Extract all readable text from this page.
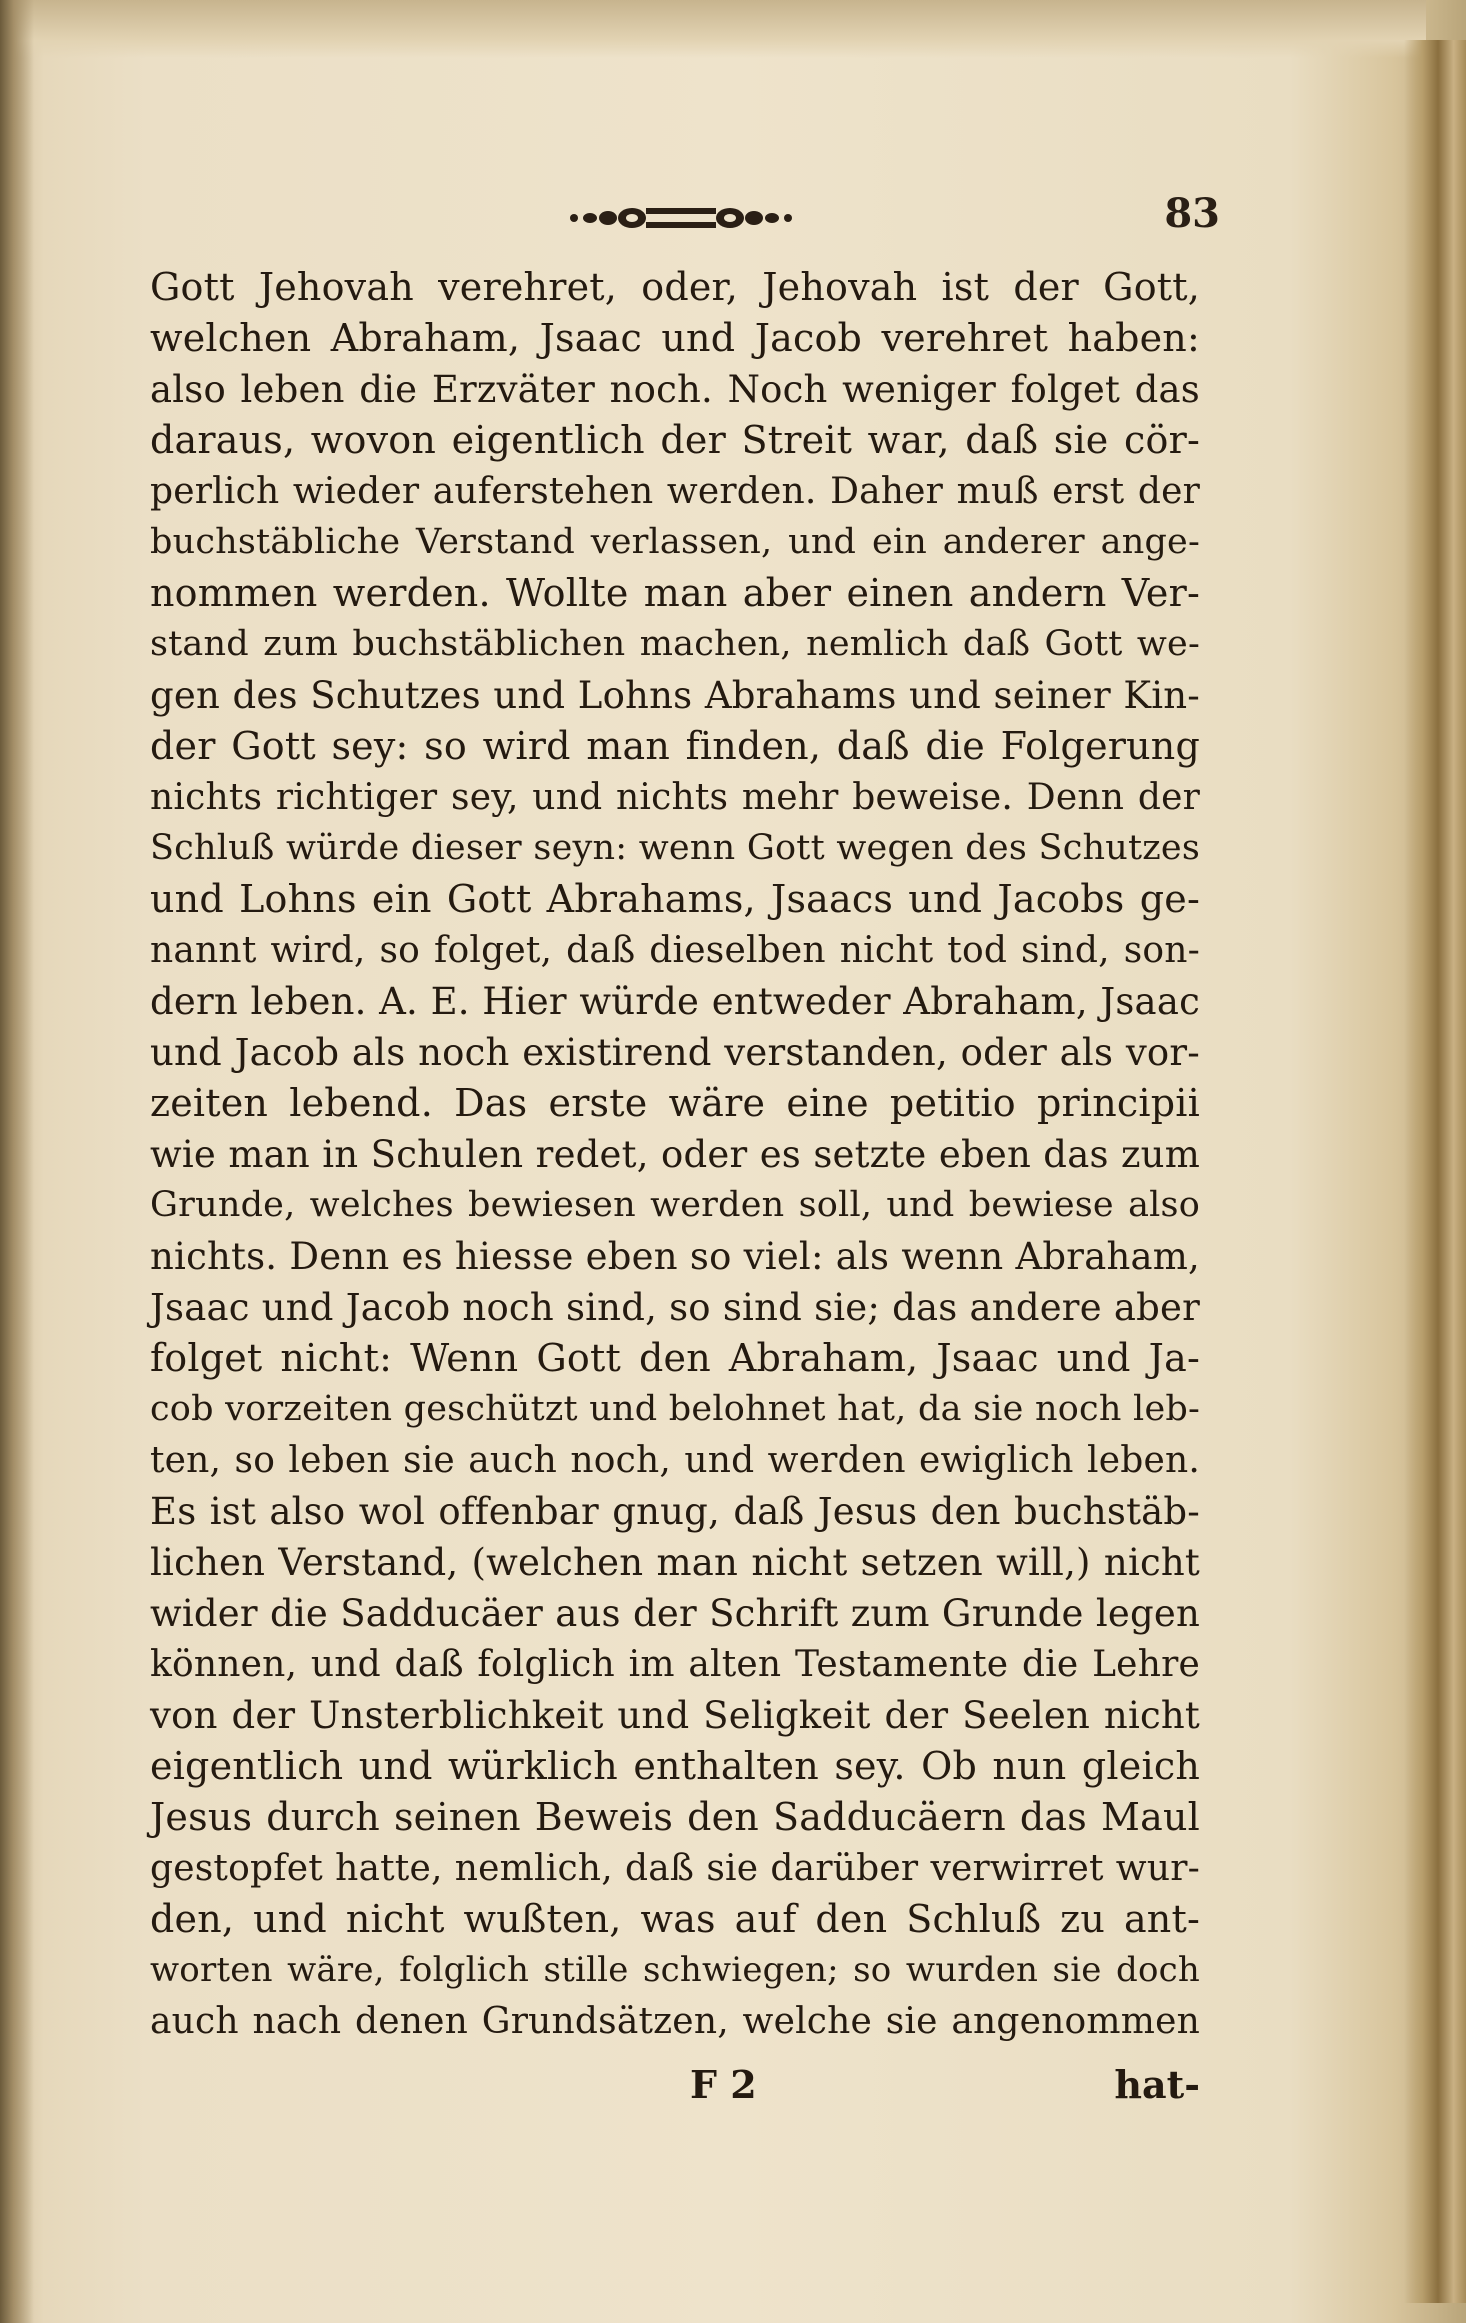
83
Gott Jehovah verehret, oder, Jehovah ist der Gott,
welchen Abraham, Jsaac und Jacob verehret haben:
also leben die Erzväter noch. Noch weniger folget das
daraus, wovon eigentlich der Streit war, daß sie cör-
perlich wieder auferstehen werden. Daher muß erst der
buchstäbliche Verstand verlassen, und ein anderer ange-
nommen werden. Wollte man aber einen andern Ver-
stand zum buchstäblichen machen, nemlich daß Gott we-
gen des Schutzes und Lohns Abrahams und seiner Kin-
der Gott sey: so wird man finden, daß die Folgerung
nichts richtiger sey, und nichts mehr beweise. Denn der
Schluß würde dieser seyn: wenn Gott wegen des Schutzes
und Lohns ein Gott Abrahams, Jsaacs und Jacobs ge-
nannt wird, so folget, daß dieselben nicht tod sind, son-
dern leben. A. E. Hier würde entweder Abraham, Jsaac
und Jacob als noch existirend verstanden, oder als vor-
zeiten lebend. Das erste wäre eine petitio principii
wie man in Schulen redet, oder es setzte eben das zum
Grunde, welches bewiesen werden soll, und bewiese also
nichts. Denn es hiesse eben so viel: als wenn Abraham,
Jsaac und Jacob noch sind, so sind sie; das andere aber
folget nicht: Wenn Gott den Abraham, Jsaac und Ja-
cob vorzeiten geschützt und belohnet hat, da sie noch leb-
ten, so leben sie auch noch, und werden ewiglich leben.
Es ist also wol offenbar gnug, daß Jesus den buchstäb-
lichen Verstand, (welchen man nicht setzen will,) nicht
wider die Sadducäer aus der Schrift zum Grunde legen
können, und daß folglich im alten Testamente die Lehre
von der Unsterblichkeit und Seligkeit der Seelen nicht
eigentlich und würklich enthalten sey. Ob nun gleich
Jesus durch seinen Beweis den Sadducäern das Maul
gestopfet hatte, nemlich, daß sie darüber verwirret wur-
den, und nicht wußten, was auf den Schluß zu ant-
worten wäre, folglich stille schwiegen; so wurden sie doch
auch nach denen Grundsätzen, welche sie angenommen
F 2	hat-
